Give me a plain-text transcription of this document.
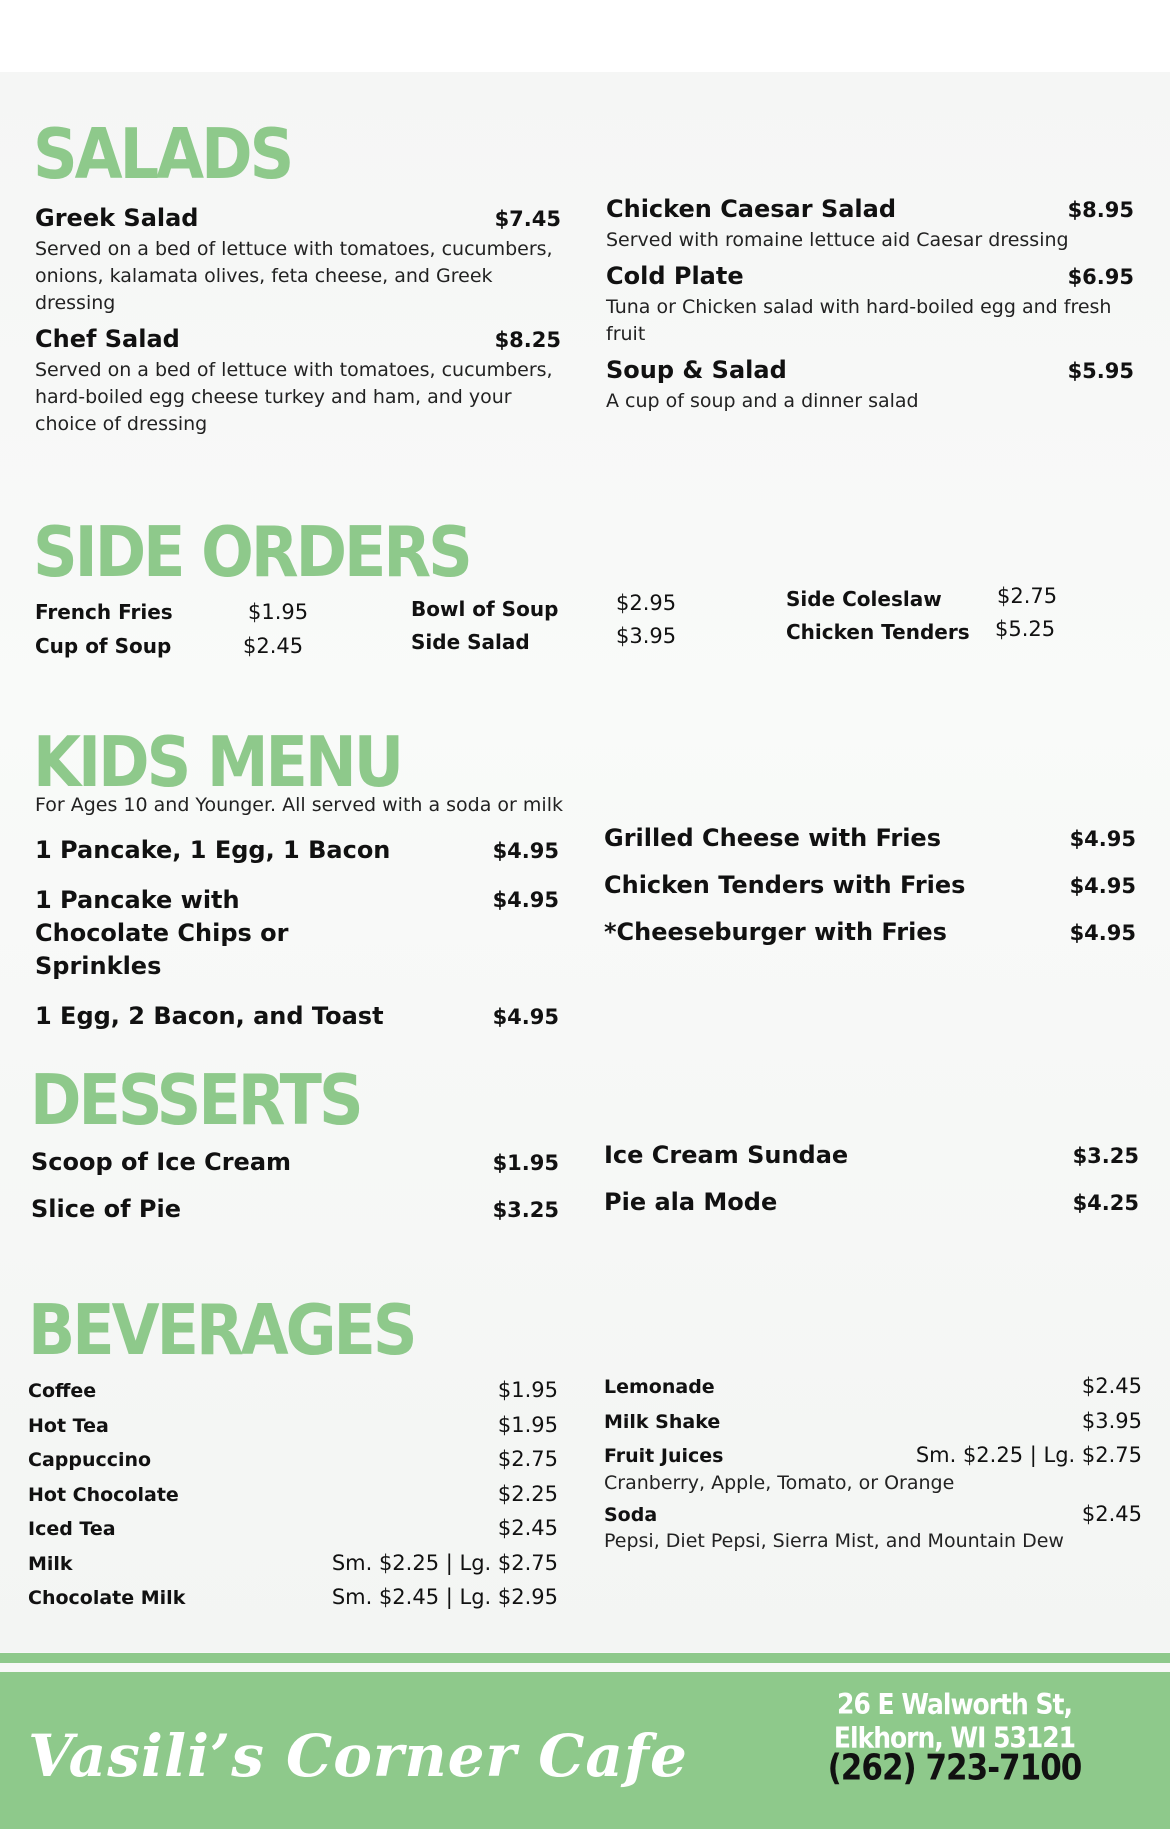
SALADS
Greek Salad	$7.45
Served on a bed of lettuce with tomatoes, cucumbers, onions, kalamata olives, feta cheese, and Greek dressing
Chef Salad	$8.25
Served on a bed of lettuce with tomatoes, cucumbers, hard-boiled egg cheese turkey and ham, and your choice of dressing
Chicken Caesar Salad	$8.95
Served with romaine lettuce aid Caesar dressing
Cold Plate	$6.95
Tuna or Chicken salad with hard-boiled egg and fresh fruit
Soup & Salad	$5.95
A cup of soup and a dinner salad
SIDE ORDERS
French Fries	$1.95
Cup of Soup	$2.45
Bowl of Soup	$2.95
Side Salad	$3.95
Side Coleslaw	$2.75
Chicken Tenders $5.25
KIDS MENU
For Ages 10 and Younger. All served with a soda or milk
1 Pancake, 1 Egg, 1 Bacon	$4.95
1 Pancake with Chocolate Chips or Sprinkles
$4.95
1 Egg, 2 Bacon, and Toast	$4.95
Grilled Cheese with Fries	$4.95
Chicken Tenders with Fries	$4.95
*Cheeseburger with Fries	$4.95
DESSERTS
Scoop of Ice Cream	$1.95
Slice of Pie	$3.25
Ice Cream Sundae	$3.25
Pie ala Mode	$4.25
BEVERAGES
Coffee	$1.95
Hot Tea	$1.95
Cappuccino	$2.75
Hot Chocolate	$2.25
Iced Tea	$2.45
Milk	Sm. $2.25 | Lg. $2.75
Chocolate Milk	Sm. $2.45 | Lg. $2.95
Lemonade	$2.45
Milk Shake	$3.95
Fruit Juices	Sm. $2.25 | Lg. $2.75
Cranberry, Apple, Tomato, or Orange
Soda	$2.45
Pepsi, Diet Pepsi, Sierra Mist, and Mountain Dew
Vasili’s Corner Cafe
26 E Walworth St, Elkhorn, WI 53121
(262) 723-7100
